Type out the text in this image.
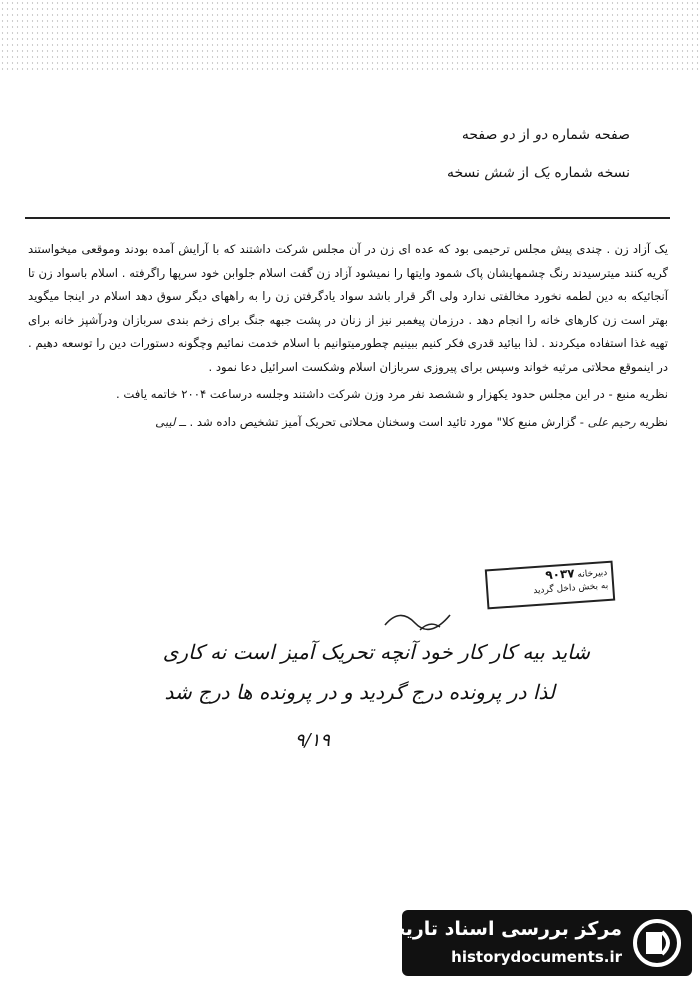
صفحه شماره دو از دو صفحه
نسخه شماره یک از شش نسخه

یک آزاد زن . چندی پیش مجلس ترحیمی بود که عده ای زن در آن مجلس شرکت داشتند که با آرایش آمده بودند وموقعی میخواستند گریه کنند میترسیدند رنگ چشمهایشان پاک شمود وایتها را نمیشود آزاد زن گفت اسلام جلوابن خود سرپها راگرفته . اسلام باسواد زن تا آنجائیکه به دین لطمه نخورد مخالفتی ندارد ولی اگر قرار باشد سواد یادگرفتن زن را به راههای دیگر سوق دهد اسلام در اینجا میگوید بهتر است زن کارهای خانه را انجام دهد . درزمان پیغمبر نیز از زنان در پشت جبهه جنگ برای زخم بندی سربازان ودرآشپز خانه برای تهیه غذا استفاده میکردند . لذا بیائید قدری فکر کنیم ببینیم چطورمیتوانیم با اسلام خدمت نمائیم وچگونه دستورات دین را توسعه دهیم . در اینموقع محلاتی مرثیه خواند وسپس برای پیروزی سربازان اسلام وشکست اسرائیل دعا نمود .

نظریه منبع - در این مجلس حدود یکهزار و ششصد نفر مرد وزن شرکت داشتند وجلسه درساعت ۲۰۰۴ خاتمه یافت .

نظریه رحیم علی - گزارش منبع کلا" مورد تائید است وسخنان محلاتی تحریک آمیز تشخیص داده شد . ــ لیبی

دبیرخانه ۹۰۳۷
به بخش داخل گردید
شاید بیه کار کار خود آنچه تحریک آمیز است نه کاری
لذا در پرونده درج گردید و در پرونده ها درج شد
۹/۱۹
مرکز بررسی اسناد تاریخی
historydocuments.ir
